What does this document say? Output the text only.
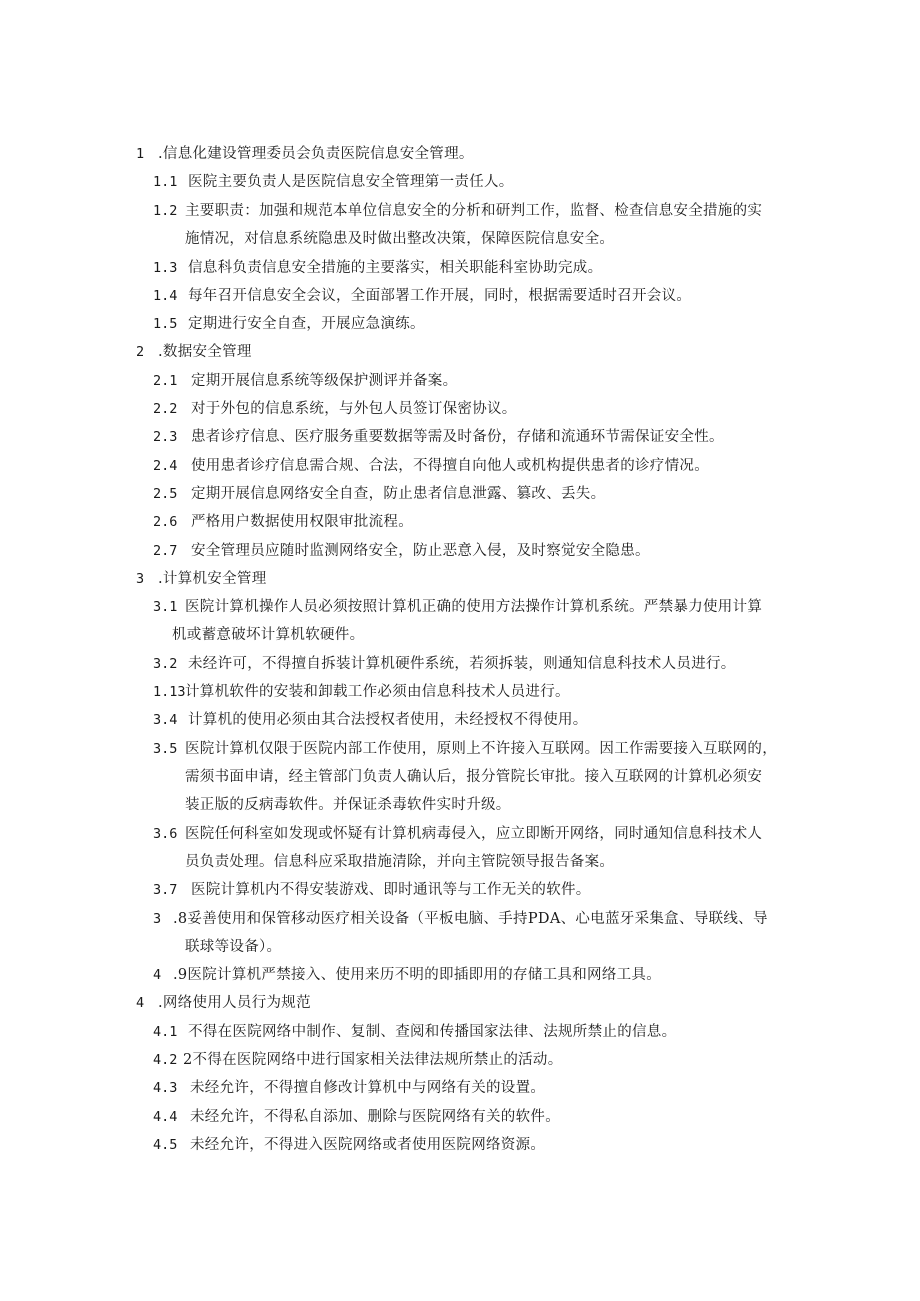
1 .信息化建设管理委员会负责医院信息安全管理。
1.1 医院主要负责人是医院信息安全管理第一责任人。
1.2 主要职责：加强和规范本单位信息安全的分析和研判工作，监督、检查信息安全措施的实
施情况，对信息系统隐患及时做出整改决策，保障医院信息安全。
1.3 信息科负责信息安全措施的主要落实，相关职能科室协助完成。
1.4 每年召开信息安全会议，全面部署工作开展，同时，根据需要适时召开会议。
1.5 定期进行安全自查，开展应急演练。
2 .数据安全管理
2.1 定期开展信息系统等级保护测评并备案。
2.2 对于外包的信息系统，与外包人员签订保密协议。
2.3 患者诊疗信息、医疗服务重要数据等需及时备份，存储和流通环节需保证安全性。
2.4 使用患者诊疗信息需合规、合法，不得擅自向他人或机构提供患者的诊疗情况。
2.5 定期开展信息网络安全自查，防止患者信息泄露、篡改、丢失。
2.6 严格用户数据使用权限审批流程。
2.7 安全管理员应随时监测网络安全，防止恶意入侵，及时察觉安全隐患。
3 .计算机安全管理
3.1 医院计算机操作人员必须按照计算机正确的使用方法操作计算机系统。严禁暴力使用计算
机或蓄意破坏计算机软硬件。
3.2 未经许可，不得擅自拆装计算机硬件系统，若须拆装，则通知信息科技术人员进行。
1.13计算机软件的安装和卸载工作必须由信息科技术人员进行。
3.4 计算机的使用必须由其合法授权者使用，未经授权不得使用。
3.5 医院计算机仅限于医院内部工作使用，原则上不许接入互联网。因工作需要接入互联网的，
需须书面申请，经主管部门负责人确认后，报分管院长审批。接入互联网的计算机必须安
装正版的反病毒软件。并保证杀毒软件实时升级。
3.6 医院任何科室如发现或怀疑有计算机病毒侵入，应立即断开网络，同时通知信息科技术人
员负责处理。信息科应采取措施清除，并向主管院领导报告备案。
3.7 医院计算机内不得安装游戏、即时通讯等与工作无关的软件。
3 .8妥善使用和保管移动医疗相关设备（平板电脑、手持PDA、心电蓝牙采集盒、导联线、导
联球等设备）。
4 .9医院计算机严禁接入、使用来历不明的即插即用的存储工具和网络工具。
4 .网络使用人员行为规范
4.1 不得在医院网络中制作、复制、查阅和传播国家法律、法规所禁止的信息。
4.2 2不得在医院网络中进行国家相关法律法规所禁止的活动。
4.3 未经允许，不得擅自修改计算机中与网络有关的设置。
4.4 未经允许，不得私自添加、删除与医院网络有关的软件。
4.5 未经允许，不得进入医院网络或者使用医院网络资源。
